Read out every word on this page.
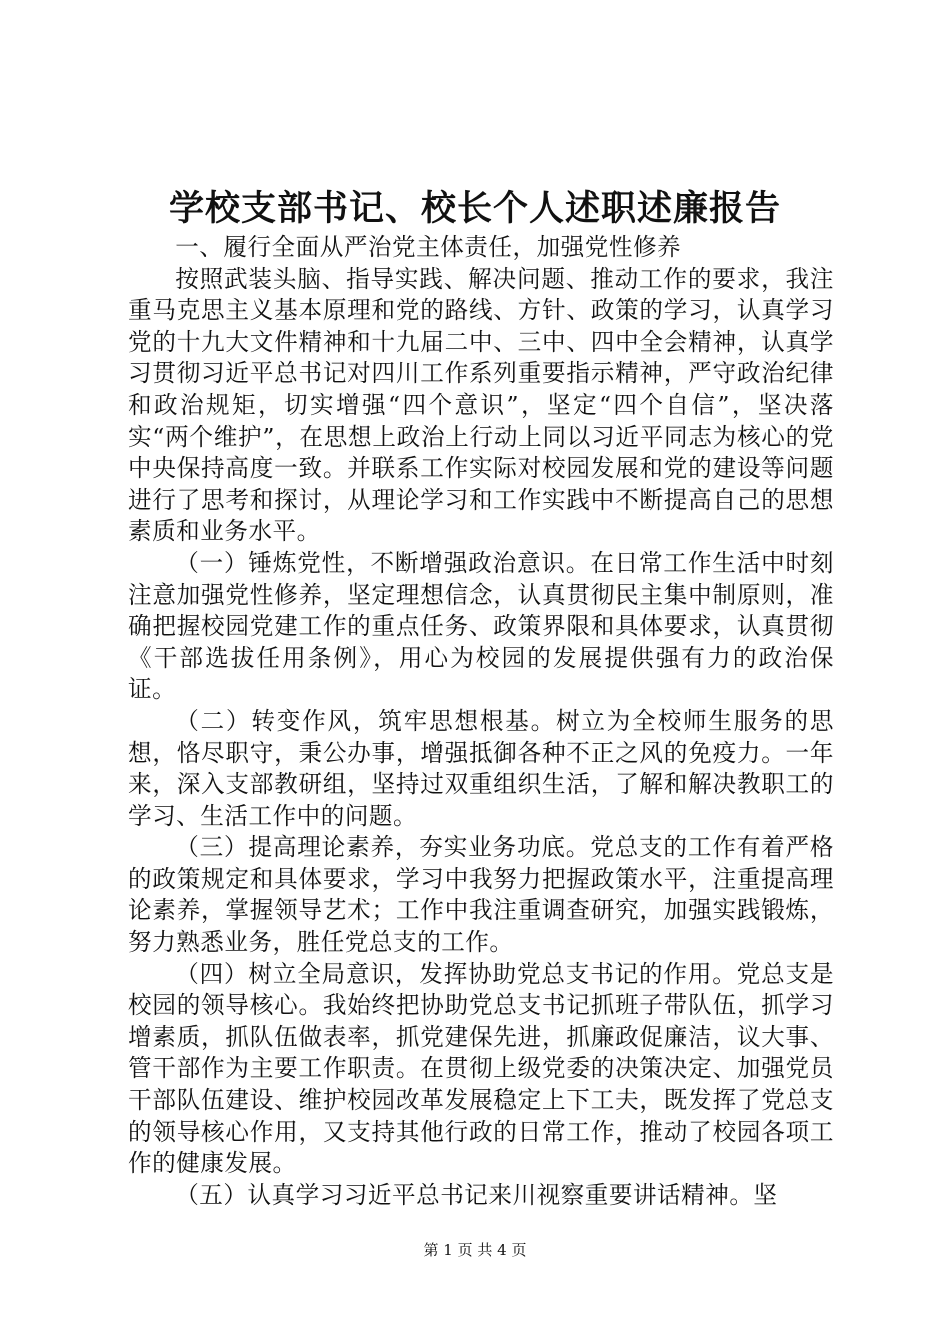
学校支部书记、校长个人述职述廉报告

一、履行全面从严治党主体责任，加强党性修养

按照武装头脑、指导实践、解决问题、推动工作的要求，我注重马克思主义基本原理和党的路线、方针、政策的学习，认真学习党的十九大文件精神和十九届二中、三中、四中全会精神，认真学习贯彻习近平总书记对四川工作系列重要指示精神，严守政治纪律和政治规矩，切实增强“四个意识”，坚定“四个自信”，坚决落实“两个维护”，在思想上政治上行动上同以习近平同志为核心的党中央保持高度一致。并联系工作实际对校园发展和党的建设等问题进行了思考和探讨，从理论学习和工作实践中不断提高自己的思想素质和业务水平。

（一）锤炼党性，不断增强政治意识。在日常工作生活中时刻注意加强党性修养，坚定理想信念，认真贯彻民主集中制原则，准确把握校园党建工作的重点任务、政策界限和具体要求，认真贯彻《干部选拔任用条例》，用心为校园的发展提供强有力的政治保证。

（二）转变作风，筑牢思想根基。树立为全校师生服务的思想，恪尽职守，秉公办事，增强抵御各种不正之风的免疫力。一年来，深入支部教研组，坚持过双重组织生活，了解和解决教职工的学习、生活工作中的问题。

（三）提高理论素养，夯实业务功底。党总支的工作有着严格的政策规定和具体要求，学习中我努力把握政策水平，注重提高理论素养，掌握领导艺术；工作中我注重调查研究，加强实践锻炼，努力熟悉业务，胜任党总支的工作。

（四）树立全局意识，发挥协助党总支书记的作用。党总支是校园的领导核心。我始终把协助党总支书记抓班子带队伍，抓学习增素质，抓队伍做表率，抓党建保先进，抓廉政促廉洁，议大事、管干部作为主要工作职责。在贯彻上级党委的决策决定、加强党员干部队伍建设、维护校园改革发展稳定上下工夫，既发挥了党总支的领导核心作用，又支持其他行政的日常工作，推动了校园各项工作的健康发展。

（五）认真学习习近平总书记来川视察重要讲话精神。坚

第 1 页 共 4 页
